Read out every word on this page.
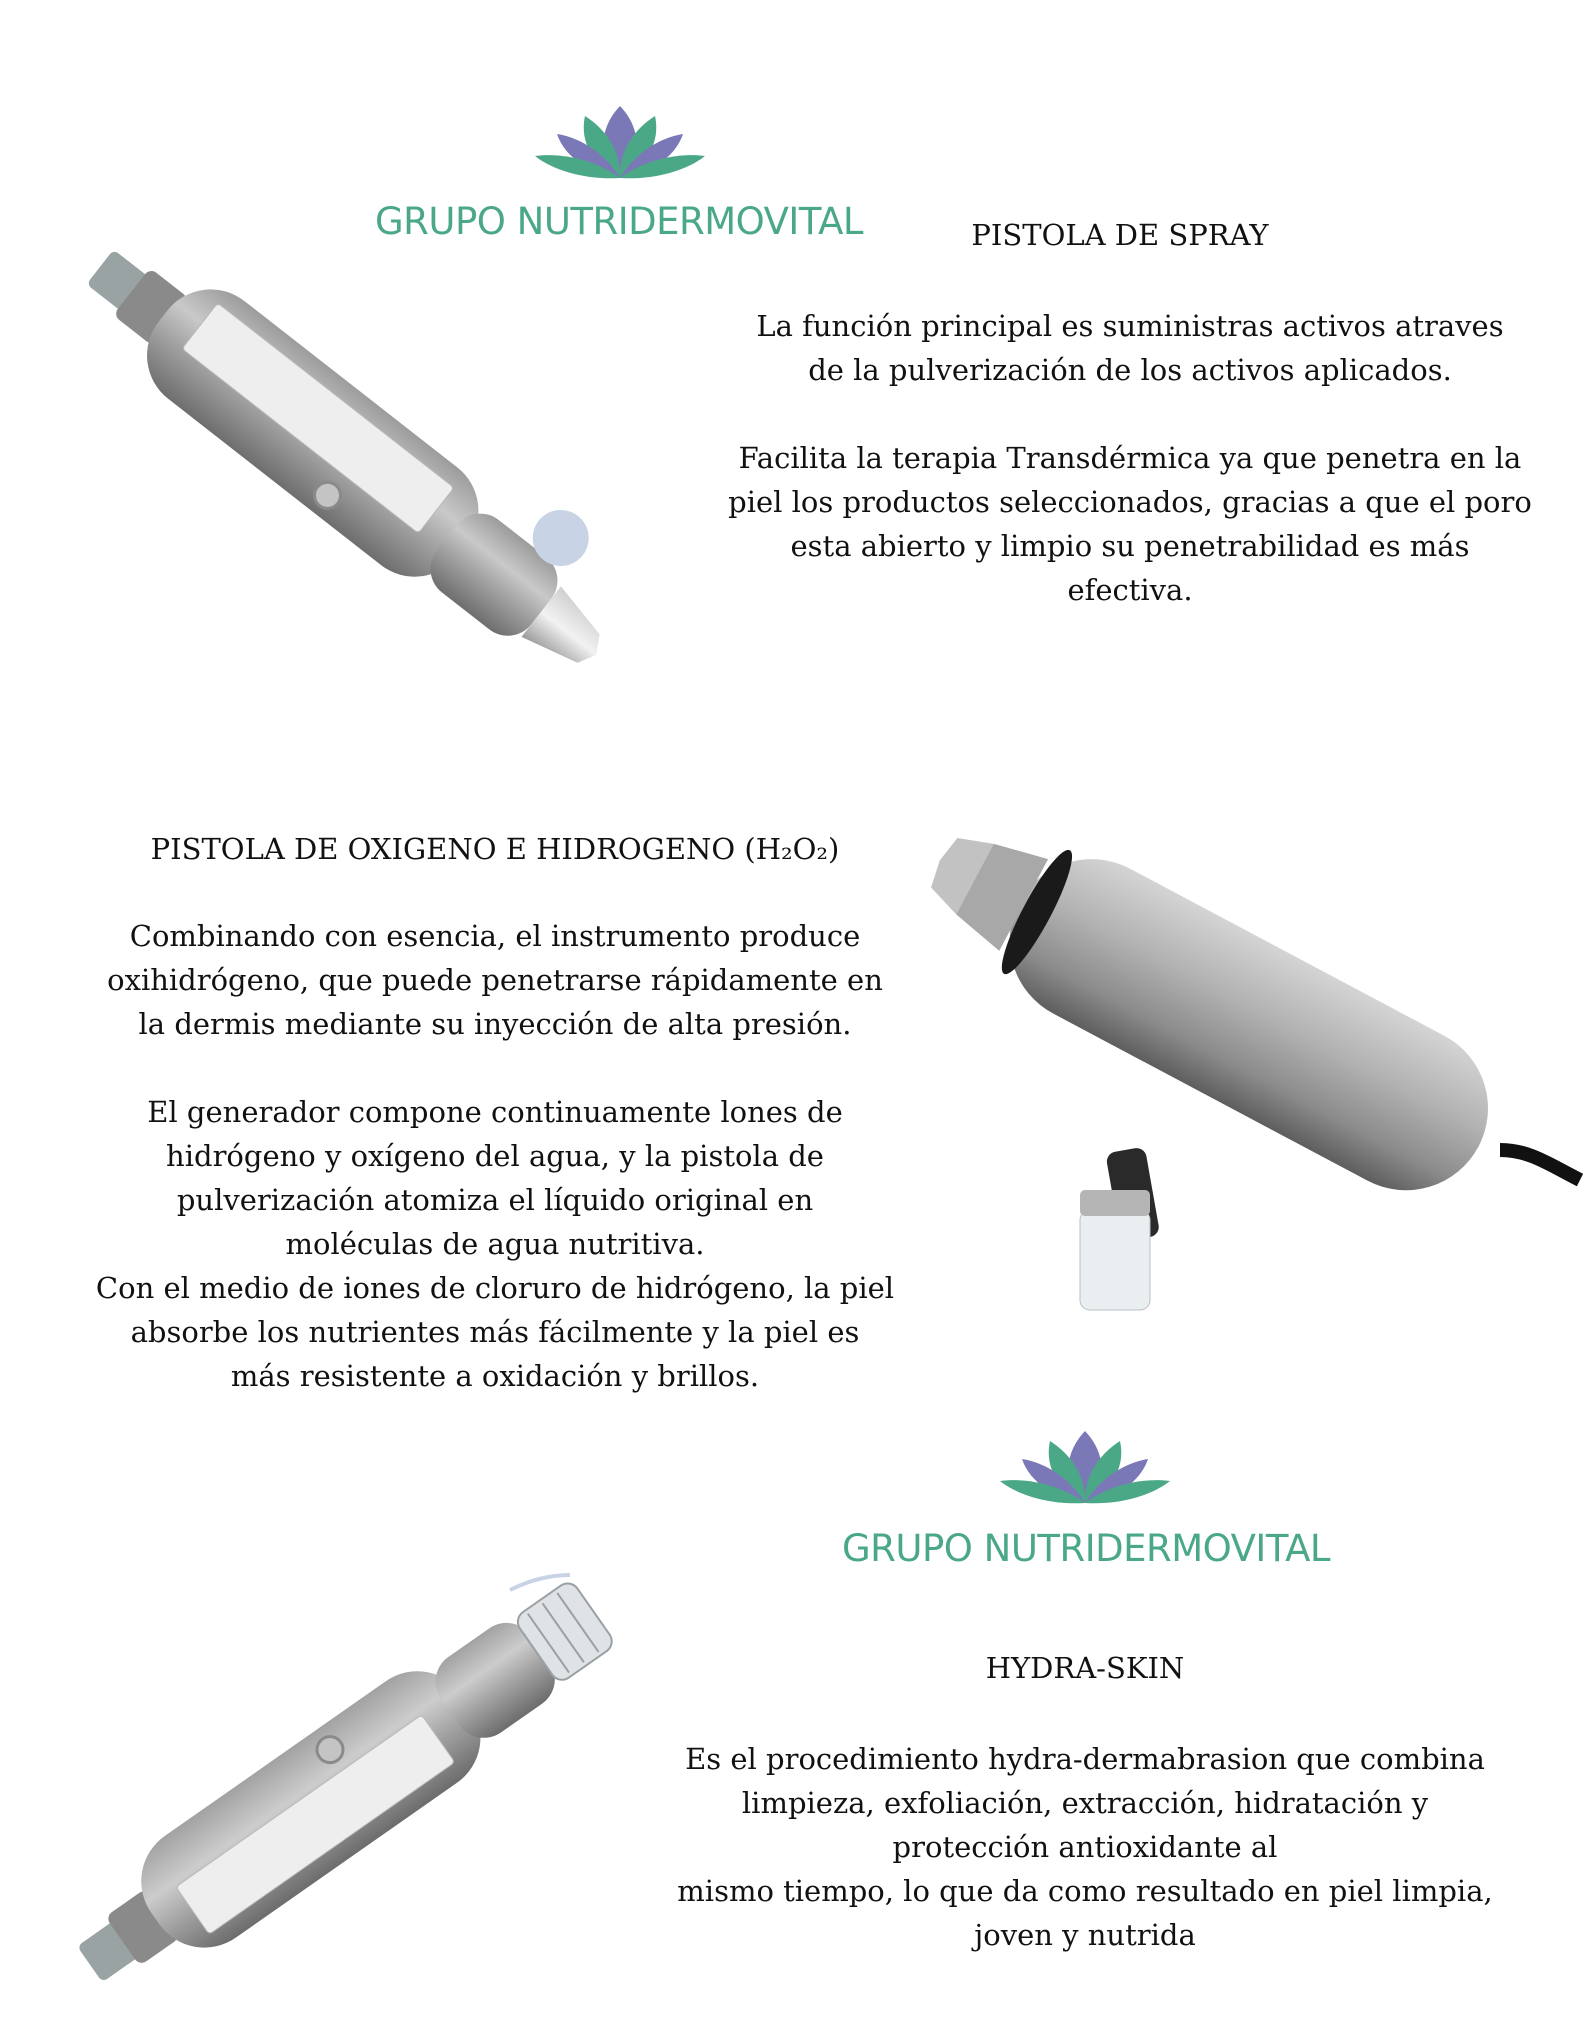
GRUPO NUTRIDERMOVITAL	PISTOLA DE SPRAY
La función principal es suministras activos atraves
de la pulverización de los activos aplicados.
Facilita la terapia Transdérmica ya que penetra en la
piel los productos seleccionados, gracias a que el poro
esta abierto y limpio su penetrabilidad es más
efectiva.
PISTOLA DE OXIGENO E HIDROGENO (H₂O₂)
Combinando con esencia, el instrumento produce
oxihidrógeno, que puede penetrarse rápidamente en
la dermis mediante su inyección de alta presión.
El generador compone continuamente lones de
hidrógeno y oxígeno del agua, y la pistola de
pulverización atomiza el líquido original en
moléculas de agua nutritiva.
Con el medio de iones de cloruro de hidrógeno, la piel
absorbe los nutrientes más fácilmente y la piel es
más resistente a oxidación y brillos.
GRUPO NUTRIDERMOVITAL
HYDRA-SKIN
Es el procedimiento hydra-dermabrasion que combina
limpieza, exfoliación, extracción, hidratación y
protección antioxidante al
mismo tiempo, lo que da como resultado en piel limpia,
joven y nutrida
